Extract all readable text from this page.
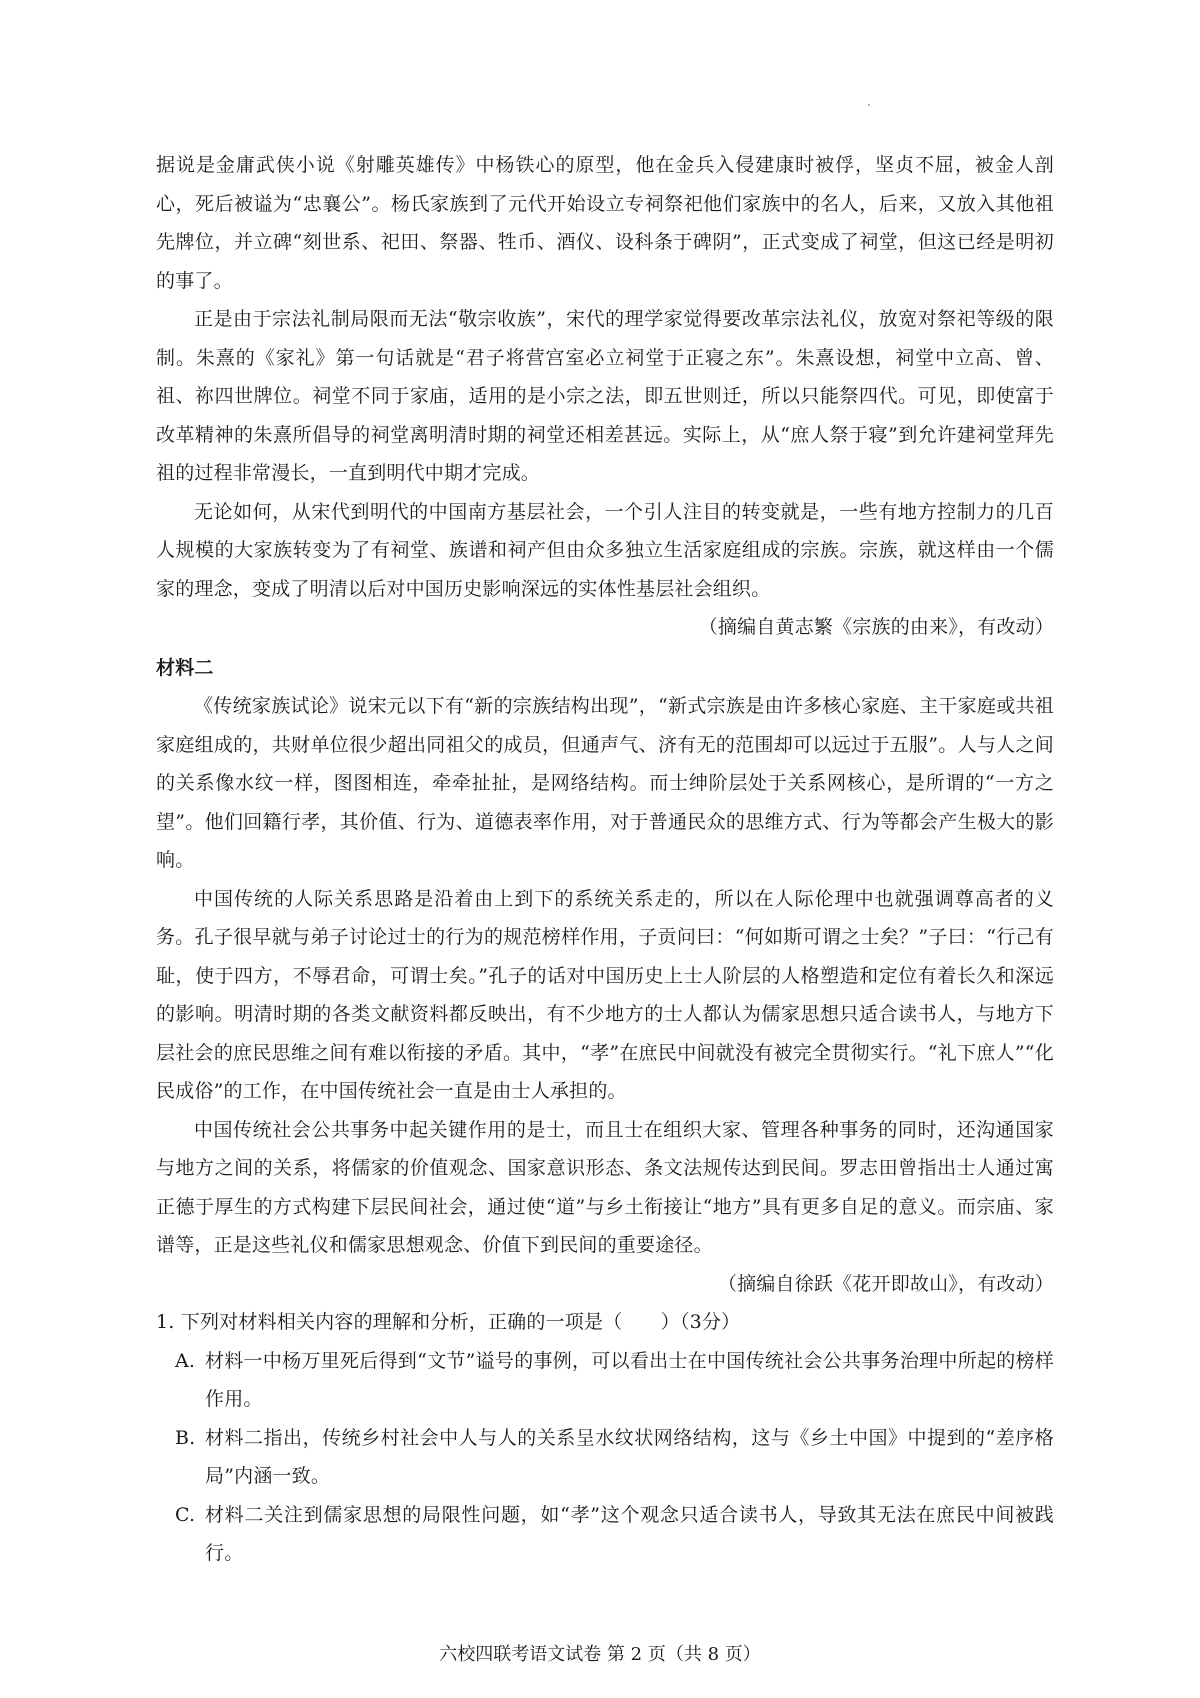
据说是金庸武侠小说《射雕英雄传》中杨铁心的原型，他在金兵入侵建康时被俘，坚贞不屈，被金人剖心，死后被谥为“忠襄公”。杨氏家族到了元代开始设立专祠祭祀他们家族中的名人，后来，又放入其他祖先牌位，并立碑“刻世系、祀田、祭器、牲币、酒仪、设科条于碑阴”，正式变成了祠堂，但这已经是明初的事了。

正是由于宗法礼制局限而无法“敬宗收族”，宋代的理学家觉得要改革宗法礼仪，放宽对祭祀等级的限制。朱熹的《家礼》第一句话就是“君子将营宫室必立祠堂于正寝之东”。朱熹设想，祠堂中立高、曾、祖、祢四世牌位。祠堂不同于家庙，适用的是小宗之法，即五世则迁，所以只能祭四代。可见，即使富于改革精神的朱熹所倡导的祠堂离明清时期的祠堂还相差甚远。实际上，从“庶人祭于寝”到允许建祠堂拜先祖的过程非常漫长，一直到明代中期才完成。

无论如何，从宋代到明代的中国南方基层社会，一个引人注目的转变就是，一些有地方控制力的几百人规模的大家族转变为了有祠堂、族谱和祠产但由众多独立生活家庭组成的宗族。宗族，就这样由一个儒家的理念，变成了明清以后对中国历史影响深远的实体性基层社会组织。

（摘编自黄志繁《宗族的由来》，有改动）

材料二

《传统家族试论》说宋元以下有“新的宗族结构出现”，“新式宗族是由许多核心家庭、主干家庭或共祖家庭组成的，共财单位很少超出同祖父的成员，但通声气、济有无的范围却可以远过于五服”。人与人之间的关系像水纹一样，图图相连，牵牵扯扯，是网络结构。而士绅阶层处于关系网核心，是所谓的“一方之望”。他们回籍行孝，其价值、行为、道德表率作用，对于普通民众的思维方式、行为等都会产生极大的影响。

中国传统的人际关系思路是沿着由上到下的系统关系走的，所以在人际伦理中也就强调尊高者的义务。孔子很早就与弟子讨论过士的行为的规范榜样作用，子贡问曰：“何如斯可谓之士矣？”子曰：“行己有耻，使于四方，不辱君命，可谓士矣。”孔子的话对中国历史上士人阶层的人格塑造和定位有着长久和深远的影响。明清时期的各类文献资料都反映出，有不少地方的士人都认为儒家思想只适合读书人，与地方下层社会的庶民思维之间有难以衔接的矛盾。其中，“孝”在庶民中间就没有被完全贯彻实行。“礼下庶人”“化民成俗”的工作，在中国传统社会一直是由士人承担的。

中国传统社会公共事务中起关键作用的是士，而且士在组织大家、管理各种事务的同时，还沟通国家与地方之间的关系，将儒家的价值观念、国家意识形态、条文法规传达到民间。罗志田曾指出士人通过寓正德于厚生的方式构建下层民间社会，通过使“道”与乡土衔接让“地方”具有更多自足的意义。而宗庙、家谱等，正是这些礼仪和儒家思想观念、价值下到民间的重要途径。

（摘编自徐跃《花开即故山》，有改动）

1. 下列对材料相关内容的理解和分析，正确的一项是（　　）（3分）

A. 材料一中杨万里死后得到“文节”谥号的事例，可以看出士在中国传统社会公共事务治理中所起的榜样作用。
B. 材料二指出，传统乡村社会中人与人的关系呈水纹状网络结构，这与《乡土中国》中提到的“差序格局”内涵一致。
C. 材料二关注到儒家思想的局限性问题，如“孝”这个观念只适合读书人，导致其无法在庶民中间被践行。
六校四联考语文试卷 第 2 页（共 8 页）
